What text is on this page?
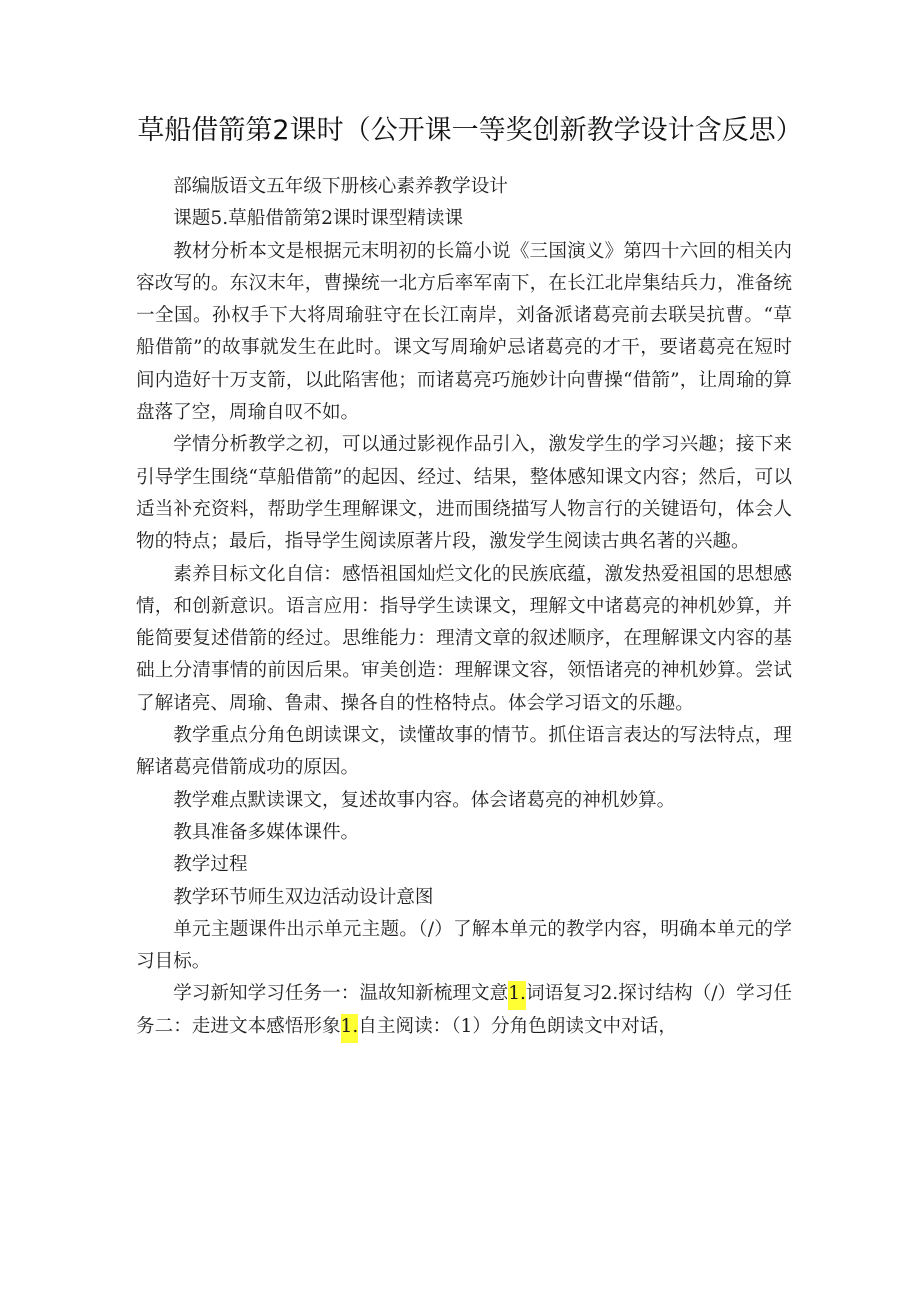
草船借箭第2课时（公开课一等奖创新教学设计含反思）

部编版语文五年级下册核心素养教学设计

课题5.草船借箭第2课时课型精读课

教材分析本文是根据元末明初的长篇小说《三国演义》第四十六回的相关内容改写的。东汉末年，曹操统一北方后率军南下，在长江北岸集结兵力，准备统一全国。孙权手下大将周瑜驻守在长江南岸，刘备派诸葛亮前去联吴抗曹。“草船借箭”的故事就发生在此时。课文写周瑜妒忌诸葛亮的才干，要诸葛亮在短时间内造好十万支箭，以此陷害他；而诸葛亮巧施妙计向曹操“借箭”，让周瑜的算盘落了空，周瑜自叹不如。

学情分析教学之初，可以通过影视作品引入，激发学生的学习兴趣；接下来引导学生围绕“草船借箭”的起因、经过、结果，整体感知课文内容；然后，可以适当补充资料，帮助学生理解课文，进而围绕描写人物言行的关键语句，体会人物的特点；最后，指导学生阅读原著片段，激发学生阅读古典名著的兴趣。

素养目标文化自信：感悟祖国灿烂文化的民族底蕴，激发热爱祖国的思想感情，和创新意识。语言应用：指导学生读课文，理解文中诸葛亮的神机妙算，并能简要复述借箭的经过。思维能力：理清文章的叙述顺序，在理解课文内容的基础上分清事情的前因后果。审美创造：理解课文容，领悟诸亮的神机妙算。尝试了解诸亮、周瑜、鲁肃、操各自的性格特点。体会学习语文的乐趣。

教学重点分角色朗读课文，读懂故事的情节。抓住语言表达的写法特点，理解诸葛亮借箭成功的原因。

教学难点默读课文，复述故事内容。体会诸葛亮的神机妙算。

教具准备多媒体课件。

教学过程

教学环节师生双边活动设计意图

单元主题课件出示单元主题。（/）了解本单元的教学内容，明确本单元的学习目标。

学习新知学习任务一：温故知新梳理文意1.词语复习2.探讨结构（/）学习任务二：走进文本感悟形象1.自主阅读：（1）分角色朗读文中对话，
